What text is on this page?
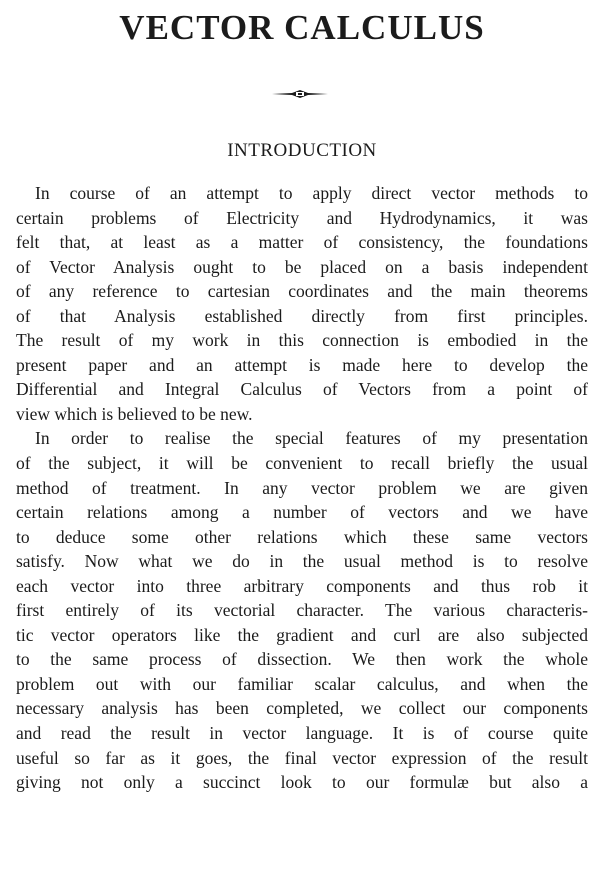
VECTOR CALCULUS
INTRODUCTION
In course of an attempt to apply direct vector methods to
certain problems of Electricity and Hydrodynamics, it was
felt that, at least as a matter of consistency, the foundations
of Vector Analysis ought to be placed on a basis independent
of any reference to cartesian coordinates and the main theorems
of that Analysis established directly from first principles.
The result of my work in this connection is embodied in the
present paper and an attempt is made here to develop the
Differential and Integral Calculus of Vectors from a point of
view which is believed to be new.
In order to realise the special features of my presentation
of the subject, it will be convenient to recall briefly the usual
method of treatment. In any vector problem we are given
certain relations among a number of vectors and we have
to deduce some other relations which these same vectors
satisfy. Now what we do in the usual method is to resolve
each vector into three arbitrary components and thus rob it
first entirely of its vectorial character. The various characteris-
tic vector operators like the gradient and curl are also subjected
to the same process of dissection. We then work the whole
problem out with our familiar scalar calculus, and when the
necessary analysis has been completed, we collect our components
and read the result in vector language. It is of course quite
useful so far as it goes, the final vector expression of the result
giving not only a succinct look to our formulæ but also a
